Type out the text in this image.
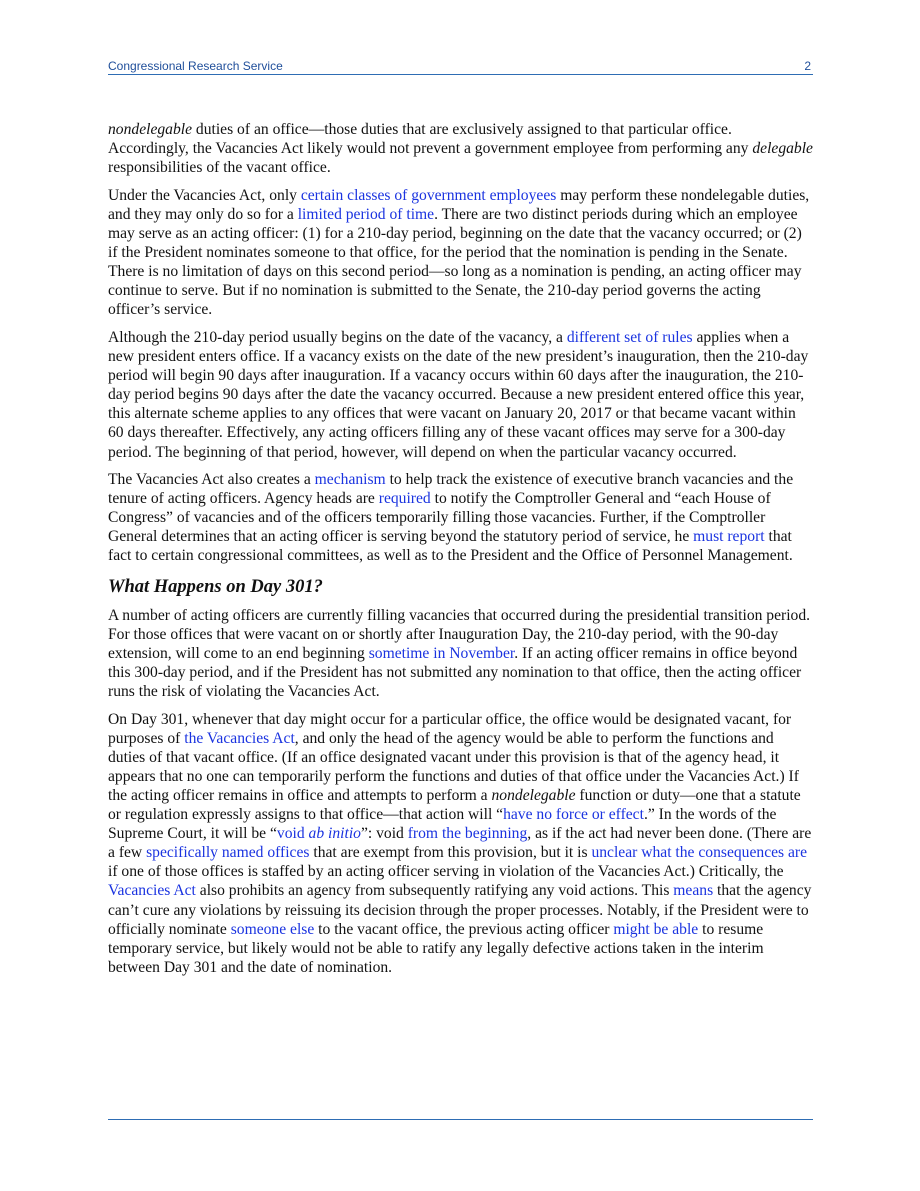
Congressional Research Service	2

nondelegable duties of an office—those duties that are exclusively assigned to that particular office. Accordingly, the Vacancies Act likely would not prevent a government employee from performing any delegable responsibilities of the vacant office.

Under the Vacancies Act, only certain classes of government employees may perform these nondelegable duties, and they may only do so for a limited period of time. There are two distinct periods during which an employee may serve as an acting officer: (1) for a 210-day period, beginning on the date that the vacancy occurred; or (2) if the President nominates someone to that office, for the period that the nomination is pending in the Senate. There is no limitation of days on this second period—so long as a nomination is pending, an acting officer may continue to serve. But if no nomination is submitted to the Senate, the 210-day period governs the acting officer’s service.

Although the 210-day period usually begins on the date of the vacancy, a different set of rules applies when a new president enters office. If a vacancy exists on the date of the new president’s inauguration, then the 210-day period will begin 90 days after inauguration. If a vacancy occurs within 60 days after the inauguration, the 210-day period begins 90 days after the date the vacancy occurred. Because a new president entered office this year, this alternate scheme applies to any offices that were vacant on January 20, 2017 or that became vacant within 60 days thereafter. Effectively, any acting officers filling any of these vacant offices may serve for a 300-day period. The beginning of that period, however, will depend on when the particular vacancy occurred.

The Vacancies Act also creates a mechanism to help track the existence of executive branch vacancies and the tenure of acting officers. Agency heads are required to notify the Comptroller General and “each House of Congress” of vacancies and of the officers temporarily filling those vacancies. Further, if the Comptroller General determines that an acting officer is serving beyond the statutory period of service, he must report that fact to certain congressional committees, as well as to the President and the Office of Personnel Management.

What Happens on Day 301?

A number of acting officers are currently filling vacancies that occurred during the presidential transition period. For those offices that were vacant on or shortly after Inauguration Day, the 210-day period, with the 90-day extension, will come to an end beginning sometime in November. If an acting officer remains in office beyond this 300-day period, and if the President has not submitted any nomination to that office, then the acting officer runs the risk of violating the Vacancies Act.

On Day 301, whenever that day might occur for a particular office, the office would be designated vacant, for purposes of the Vacancies Act, and only the head of the agency would be able to perform the functions and duties of that vacant office. (If an office designated vacant under this provision is that of the agency head, it appears that no one can temporarily perform the functions and duties of that office under the Vacancies Act.) If the acting officer remains in office and attempts to perform a nondelegable function or duty—one that a statute or regulation expressly assigns to that office—that action will “have no force or effect.” In the words of the Supreme Court, it will be “void ab initio”: void from the beginning, as if the act had never been done. (There are a few specifically named offices that are exempt from this provision, but it is unclear what the consequences are if one of those offices is staffed by an acting officer serving in violation of the Vacancies Act.) Critically, the Vacancies Act also prohibits an agency from subsequently ratifying any void actions. This means that the agency can’t cure any violations by reissuing its decision through the proper processes. Notably, if the President were to officially nominate someone else to the vacant office, the previous acting officer might be able to resume temporary service, but likely would not be able to ratify any legally defective actions taken in the interim between Day 301 and the date of nomination.
